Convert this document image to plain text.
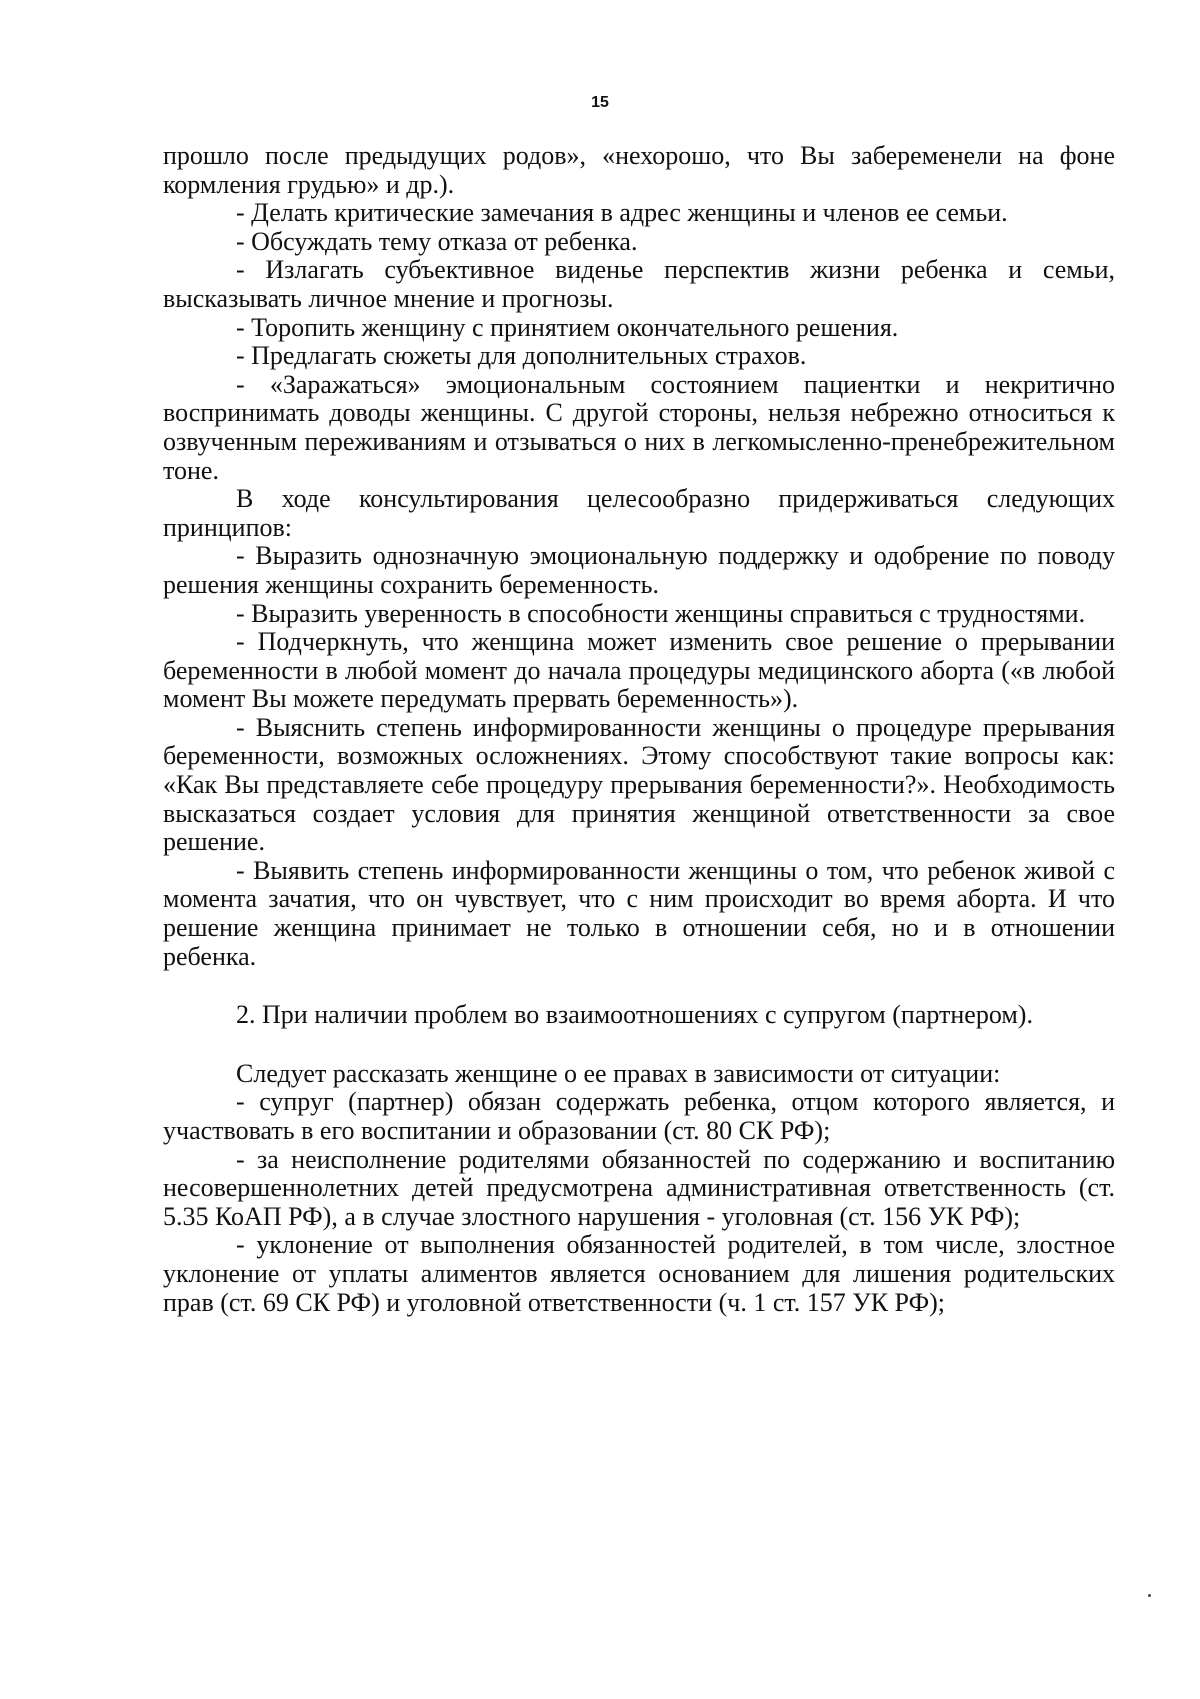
15

прошло после предыдущих родов», «нехорошо, что Вы забеременели на фоне кормления грудью» и др.).

- Делать критические замечания в адрес женщины и членов ее семьи.

- Обсуждать тему отказа от ребенка.

- Излагать субъективное виденье перспектив жизни ребенка и семьи, высказывать личное мнение и прогнозы.

- Торопить женщину с принятием окончательного решения.

- Предлагать сюжеты для дополнительных страхов.

- «Заражаться» эмоциональным состоянием пациентки и некритично воспринимать доводы женщины. С другой стороны, нельзя небрежно относиться к озвученным переживаниям и отзываться о них в легкомысленно-пренебрежительном тоне.

В ходе консультирования целесообразно придерживаться следующих принципов:

- Выразить однозначную эмоциональную поддержку и одобрение по поводу решения женщины сохранить беременность.

- Выразить уверенность в способности женщины справиться с трудностями.

- Подчеркнуть, что женщина может изменить свое решение о прерывании беременности в любой момент до начала процедуры медицинского аборта («в любой момент Вы можете передумать прервать беременность»).

- Выяснить степень информированности женщины о процедуре прерывания беременности, возможных осложнениях. Этому способствуют такие вопросы как: «Как Вы представляете себе процедуру прерывания беременности?». Необходимость высказаться создает условия для принятия женщиной ответственности за свое решение.

- Выявить степень информированности женщины о том, что ребенок живой с момента зачатия, что он чувствует, что с ним происходит во время аборта. И что решение женщина принимает не только в отношении себя, но и в отношении ребенка.

2. При наличии проблем во взаимоотношениях с супругом (партнером).

Следует рассказать женщине о ее правах в зависимости от ситуации:

- супруг (партнер) обязан содержать ребенка, отцом которого является, и участвовать в его воспитании и образовании (ст. 80 СК РФ);

- за неисполнение родителями обязанностей по содержанию и воспитанию несовершеннолетних детей предусмотрена административная ответственность (ст. 5.35 КоАП РФ), а в случае злостного нарушения - уголовная (ст. 156 УК РФ);

- уклонение от выполнения обязанностей родителей, в том числе, злостное уклонение от уплаты алиментов является основанием для лишения родительских прав (ст. 69 СК РФ) и уголовной ответственности (ч. 1 ст. 157 УК РФ);
